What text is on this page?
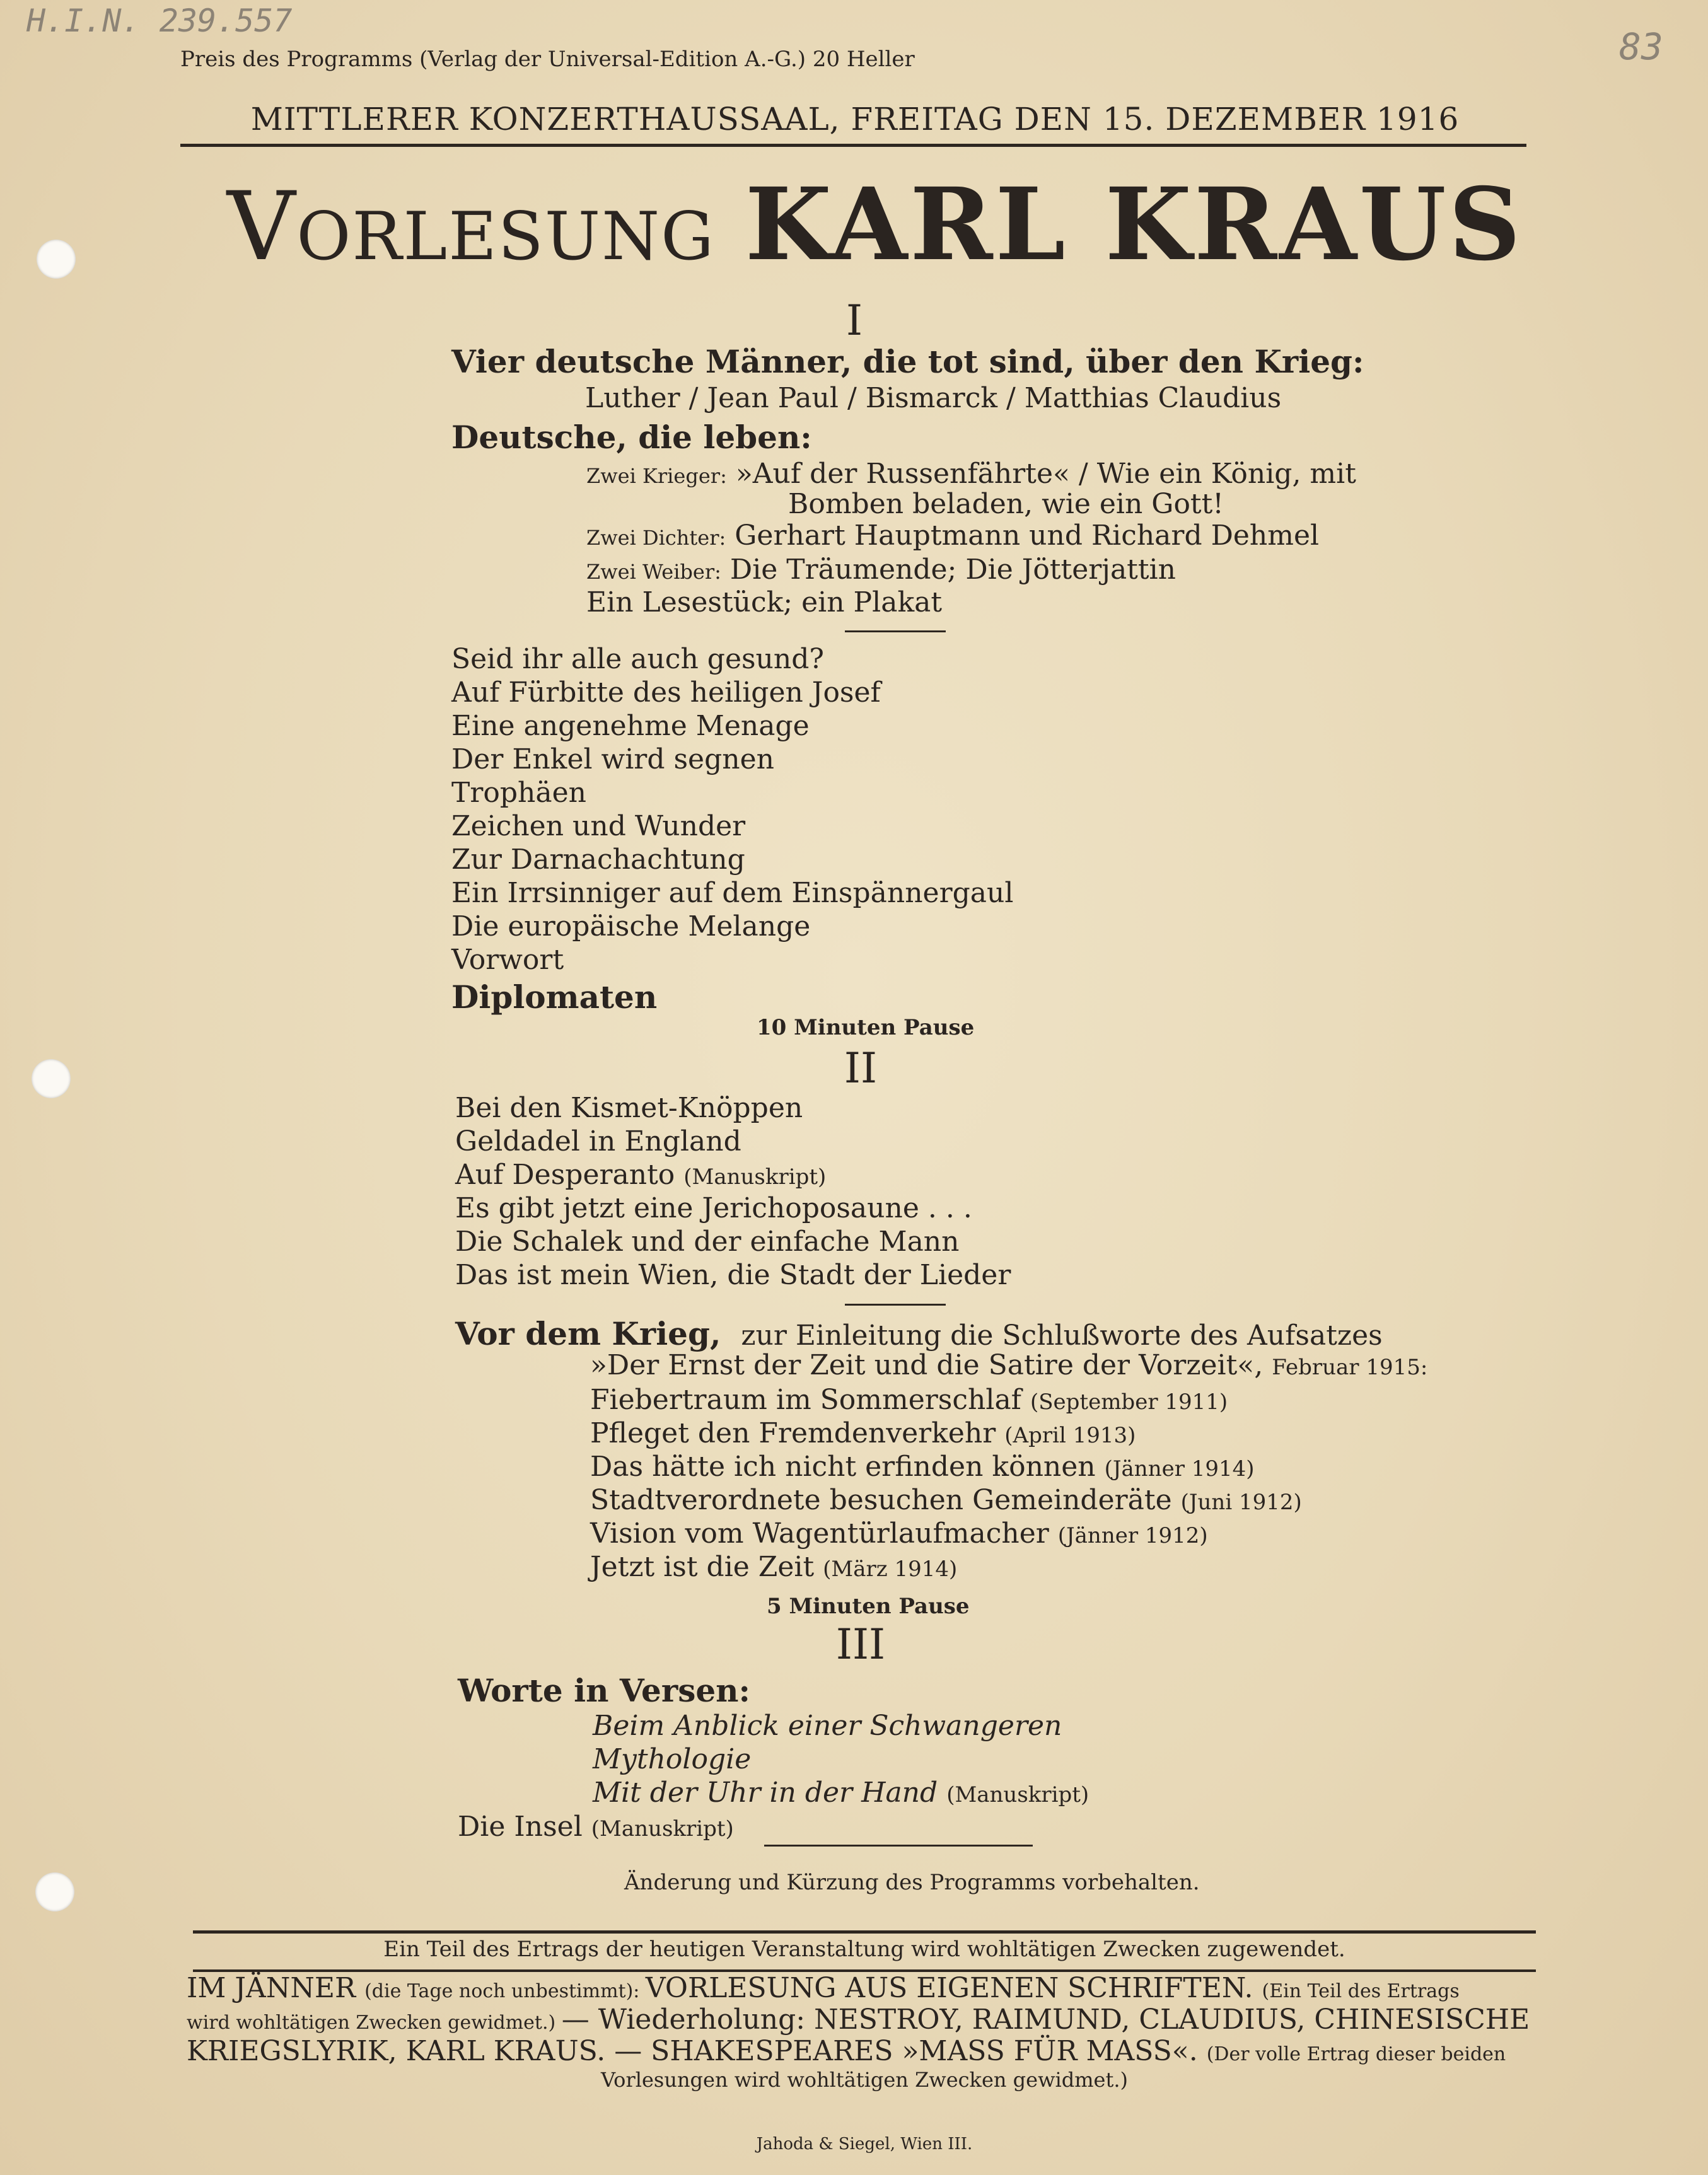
H.I.N. 239.557
83
Preis des Programms (Verlag der Universal-Edition A.-G.) 20 Heller
MITTLERER KONZERTHAUSSAAL, FREITAG DEN 15. DEZEMBER 1916
Vorlesung KARL KRAUS
I
Vier deutsche Männer, die tot sind, über den Krieg:
Luther / Jean Paul / Bismarck / Matthias Claudius
Deutsche, die leben:
Zwei Krieger: »Auf der Russenfährte« / Wie ein König, mit
Bomben beladen, wie ein Gott!
Zwei Dichter: Gerhart Hauptmann und Richard Dehmel
Zwei Weiber: Die Träumende; Die Jötterjattin
Ein Lesestück; ein Plakat
Seid ihr alle auch gesund?
Auf Fürbitte des heiligen Josef
Eine angenehme Menage
Der Enkel wird segnen
Trophäen
Zeichen und Wunder
Zur Darnachachtung
Ein Irrsinniger auf dem Einspännergaul
Die europäische Melange
Vorwort
Diplomaten
10 Minuten Pause
II
Bei den Kismet-Knöppen
Geldadel in England
Auf Desperanto (Manuskript)
Es gibt jetzt eine Jerichoposaune . . .
Die Schalek und der einfache Mann
Das ist mein Wien, die Stadt der Lieder
Vor dem Krieg, zur Einleitung die Schlußworte des Aufsatzes
»Der Ernst der Zeit und die Satire der Vorzeit«, Februar 1915:
Fiebertraum im Sommerschlaf (September 1911)
Pfleget den Fremdenverkehr (April 1913)
Das hätte ich nicht erfinden können (Jänner 1914)
Stadtverordnete besuchen Gemeinderäte (Juni 1912)
Vision vom Wagentürlaufmacher (Jänner 1912)
Jetzt ist die Zeit (März 1914)
5 Minuten Pause
III
Worte in Versen:
Beim Anblick einer Schwangeren
Mythologie
Mit der Uhr in der Hand (Manuskript)
Die Insel (Manuskript)
Änderung und Kürzung des Programms vorbehalten.
Ein Teil des Ertrags der heutigen Veranstaltung wird wohltätigen Zwecken zugewendet.
IM JÄNNER (die Tage noch unbestimmt): VORLESUNG AUS EIGENEN SCHRIFTEN. (Ein Teil des Ertrags
wird wohltätigen Zwecken gewidmet.) — Wiederholung: NESTROY, RAIMUND, CLAUDIUS, CHINESISCHE
KRIEGSLYRIK, KARL KRAUS. — SHAKESPEARES »MASS FÜR MASS«. (Der volle Ertrag dieser beiden
Vorlesungen wird wohltätigen Zwecken gewidmet.)
Jahoda & Siegel, Wien III.
